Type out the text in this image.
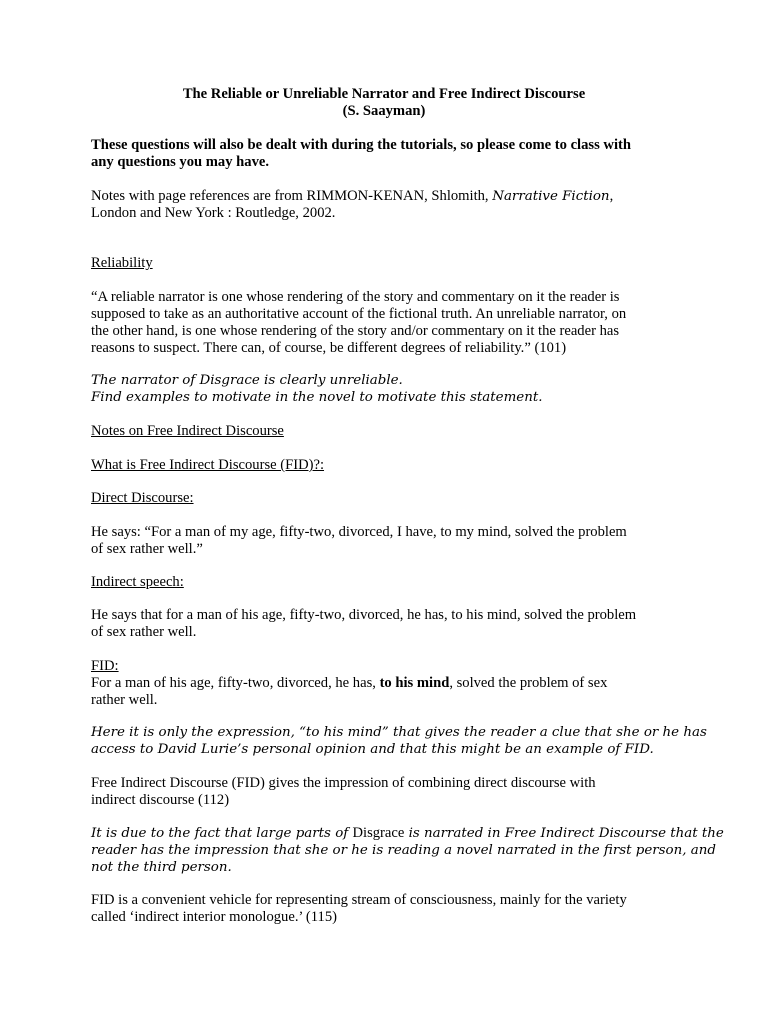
The Reliable or Unreliable Narrator and Free Indirect Discourse
(S. Saayman)
These questions will also be dealt with during the tutorials, so please come to class with
any questions you may have.
Notes with page references are from RIMMON-KENAN, Shlomith, Narrative Fiction,
London and New York : Routledge, 2002.
Reliability
“A reliable narrator is one whose rendering of the story and commentary on it the reader is
supposed to take as an authoritative account of the fictional truth. An unreliable narrator, on
the other hand, is one whose rendering of the story and/or commentary on it the reader has
reasons to suspect. There can, of course, be different degrees of reliability.” (101)
The narrator of Disgrace is clearly unreliable.
Find examples to motivate in the novel to motivate this statement.
Notes on Free Indirect Discourse
What is Free Indirect Discourse (FID)?:
Direct Discourse:
He says: “For a man of my age, fifty-two, divorced, I have, to my mind, solved the problem
of sex rather well.”
Indirect speech:
He says that for a man of his age, fifty-two, divorced, he has, to his mind, solved the problem
of sex rather well.
FID:
For a man of his age, fifty-two, divorced, he has, to his mind, solved the problem of sex
rather well.
Here it is only the expression, “to his mind” that gives the reader a clue that she or he has
access to David Lurie’s personal opinion and that this might be an example of FID.
Free Indirect Discourse (FID) gives the impression of combining direct discourse with
indirect discourse (112)
It is due to the fact that large parts of Disgrace is narrated in Free Indirect Discourse that the
reader has the impression that she or he is reading a novel narrated in the first person, and
not the third person.
FID is a convenient vehicle for representing stream of consciousness, mainly for the variety
called ‘indirect interior monologue.’ (115)
